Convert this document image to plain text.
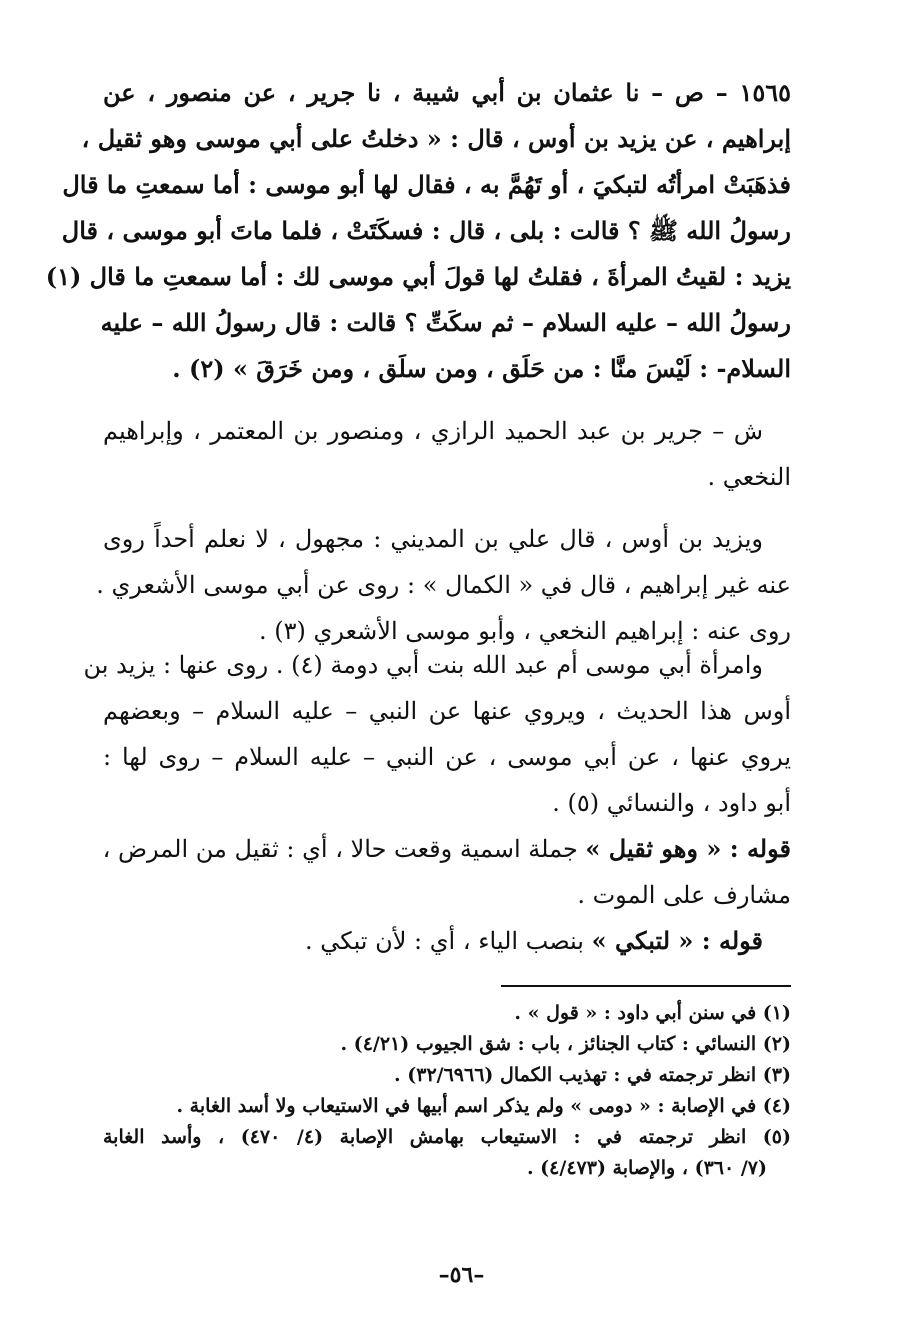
١٥٦٥ – ص – نا عثمان بن أبي شيبة ، نا جرير ، عن منصور ، عن
إبراهيم ، عن يزيد بن أوس ، قال : « دخلتُ على أبي موسى وهو ثقيل ،
فذهَبَتْ امرأتُه لتبكيَ ، أو تَهُمَّ به ، فقال لها أبو موسى : أما سمعتِ ما قال
رسولُ الله ﷺ ؟ قالت : بلى ، قال : فسكَتَتْ ، فلما ماتَ أبو موسى ، قال
يزيد : لقيتُ المرأةَ ، فقلتُ لها قولَ أبي موسى لك : أما سمعتِ ما قال (١)
رسولُ الله – عليه السلام – ثم سكَتِّ ؟ قالت : قال رسولُ الله – عليه
السلام- : لَيْسَ منَّا : من حَلَق ، ومن سلَق ، ومن خَرَقَ » (٢) .
ش – جرير بن عبد الحميد الرازي ، ومنصور بن المعتمر ، وإبراهيم
النخعي .
ويزيد بن أوس ، قال علي بن المديني : مجهول ، لا نعلم أحداً روى
عنه غير إبراهيم ، قال في « الكمال » : روى عن أبي موسى الأشعري .
روى عنه : إبراهيم النخعي ، وأبو موسى الأشعري (٣) .
وامرأة أبي موسى أم عبد الله بنت أبي دومة (٤) . روى عنها : يزيد بن
أوس هذا الحديث ، ويروي عنها عن النبي – عليه السلام – وبعضهم
يروي عنها ، عن أبي موسى ، عن النبي – عليه السلام – روى لها :
أبو داود ، والنسائي (٥) .
قوله : « وهو ثقيل » جملة اسمية وقعت حالا ، أي : ثقيل من المرض ،
مشارف على الموت .
قوله : « لتبكي » بنصب الياء ، أي : لأن تبكي .
(١) في سنن أبي داود : « قول » .
(٢) النسائي : كتاب الجنائز ، باب : شق الجيوب (٤/٢١) .
(٣) انظر ترجمته في : تهذيب الكمال (٣٢/٦٩٦٦) .
(٤) في الإصابة : « دومى » ولم يذكر اسم أبيها في الاستيعاب ولا أسد الغابة .
(٥) انظر ترجمته في : الاستيعاب بهامش الإصابة (٤/ ٤٧٠) ، وأسد الغابة
(٧/ ٣٦٠) ، والإصابة (٤/٤٧٣) .
–٥٦–
